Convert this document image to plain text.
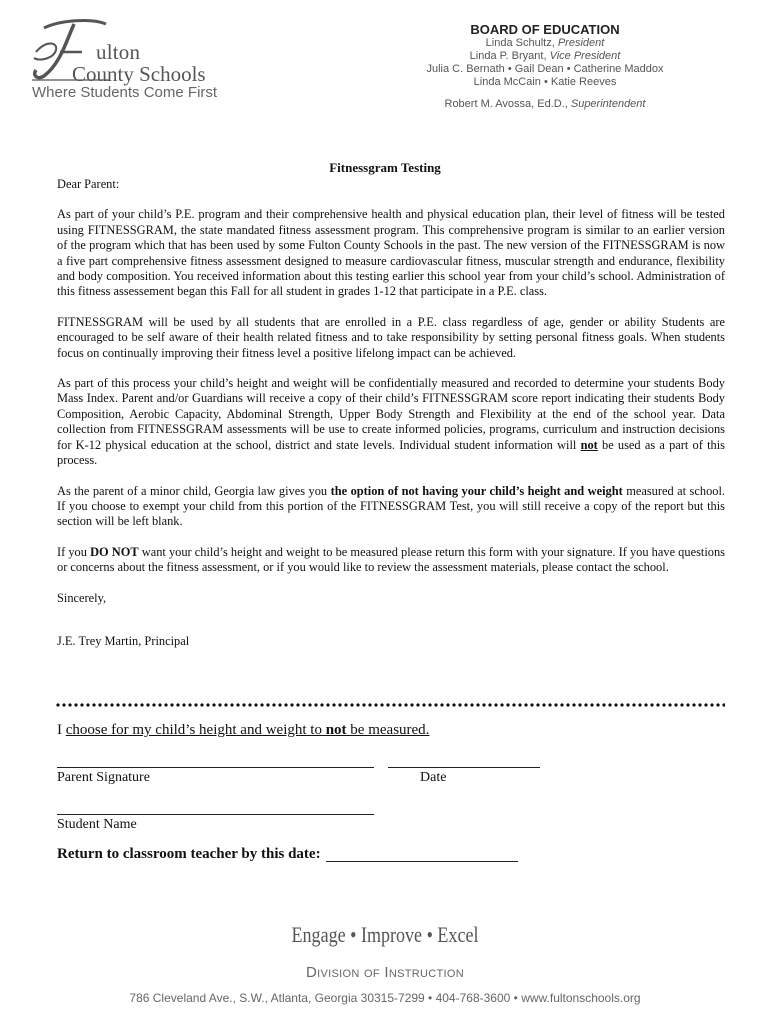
ulton
County Schools
Where Students Come First
BOARD OF EDUCATION
Linda Schultz, President
Linda P. Bryant, Vice President
Julia C. Bernath • Gail Dean • Catherine Maddox
Linda McCain • Katie Reeves
Robert M. Avossa, Ed.D., Superintendent
Fitnessgram Testing

Dear Parent:

As part of your child’s P.E. program and their comprehensive health and physical education plan, their level of fitness will be tested using FITNESSGRAM, the state mandated fitness assessment program. This comprehensive program is similar to an earlier version of the program which that has been used by some Fulton County Schools in the past. The new version of the FITNESSGRAM is now a five part comprehensive fitness assessment designed to measure cardiovascular fitness, muscular strength and endurance, flexibility and body composition. You received information about this testing earlier this school year from your child’s school. Administration of this fitness assessement began this Fall for all student in grades 1-12 that participate in a P.E. class.

FITNESSGRAM will be used by all students that are enrolled in a P.E. class regardless of age, gender or ability Students are encouraged to be self aware of their health related fitness and to take responsibility by setting personal fitness goals. When students focus on continually improving their fitness level a positive lifelong impact can be achieved.

As part of this process your child’s height and weight will be confidentially measured and recorded to determine your students Body Mass Index. Parent and/or Guardians will receive a copy of their child’s FITNESSGRAM score report indicating their students Body Composition, Aerobic Capacity, Abdominal Strength, Upper Body Strength and Flexibility at the end of the school year. Data collection from FITNESSGRAM assessments will be use to create informed policies, programs, curriculum and instruction decisions for K-12 physical education at the school, district and state levels. Individual student information will not be used as a part of this process.

As the parent of a minor child, Georgia law gives you the option of not having your child’s height and weight measured at school. If you choose to exempt your child from this portion of the FITNESSGRAM Test, you will still receive a copy of the report but this section will be left blank.

If you DO NOT want your child’s height and weight to be measured please return this form with your signature. If you have questions or concerns about the fitness assessment, or if you would like to review the assessment materials, please contact the school.

Sincerely,

J.E. Trey Martin, Principal

I choose for my child’s height and weight to not be measured.
Parent Signature	Date
Student Name
Return to classroom teacher by this date:
Engage • Improve • Excel
Division of Instruction
786 Cleveland Ave., S.W., Atlanta, Georgia 30315-7299 • 404-768-3600 • www.fultonschools.org
